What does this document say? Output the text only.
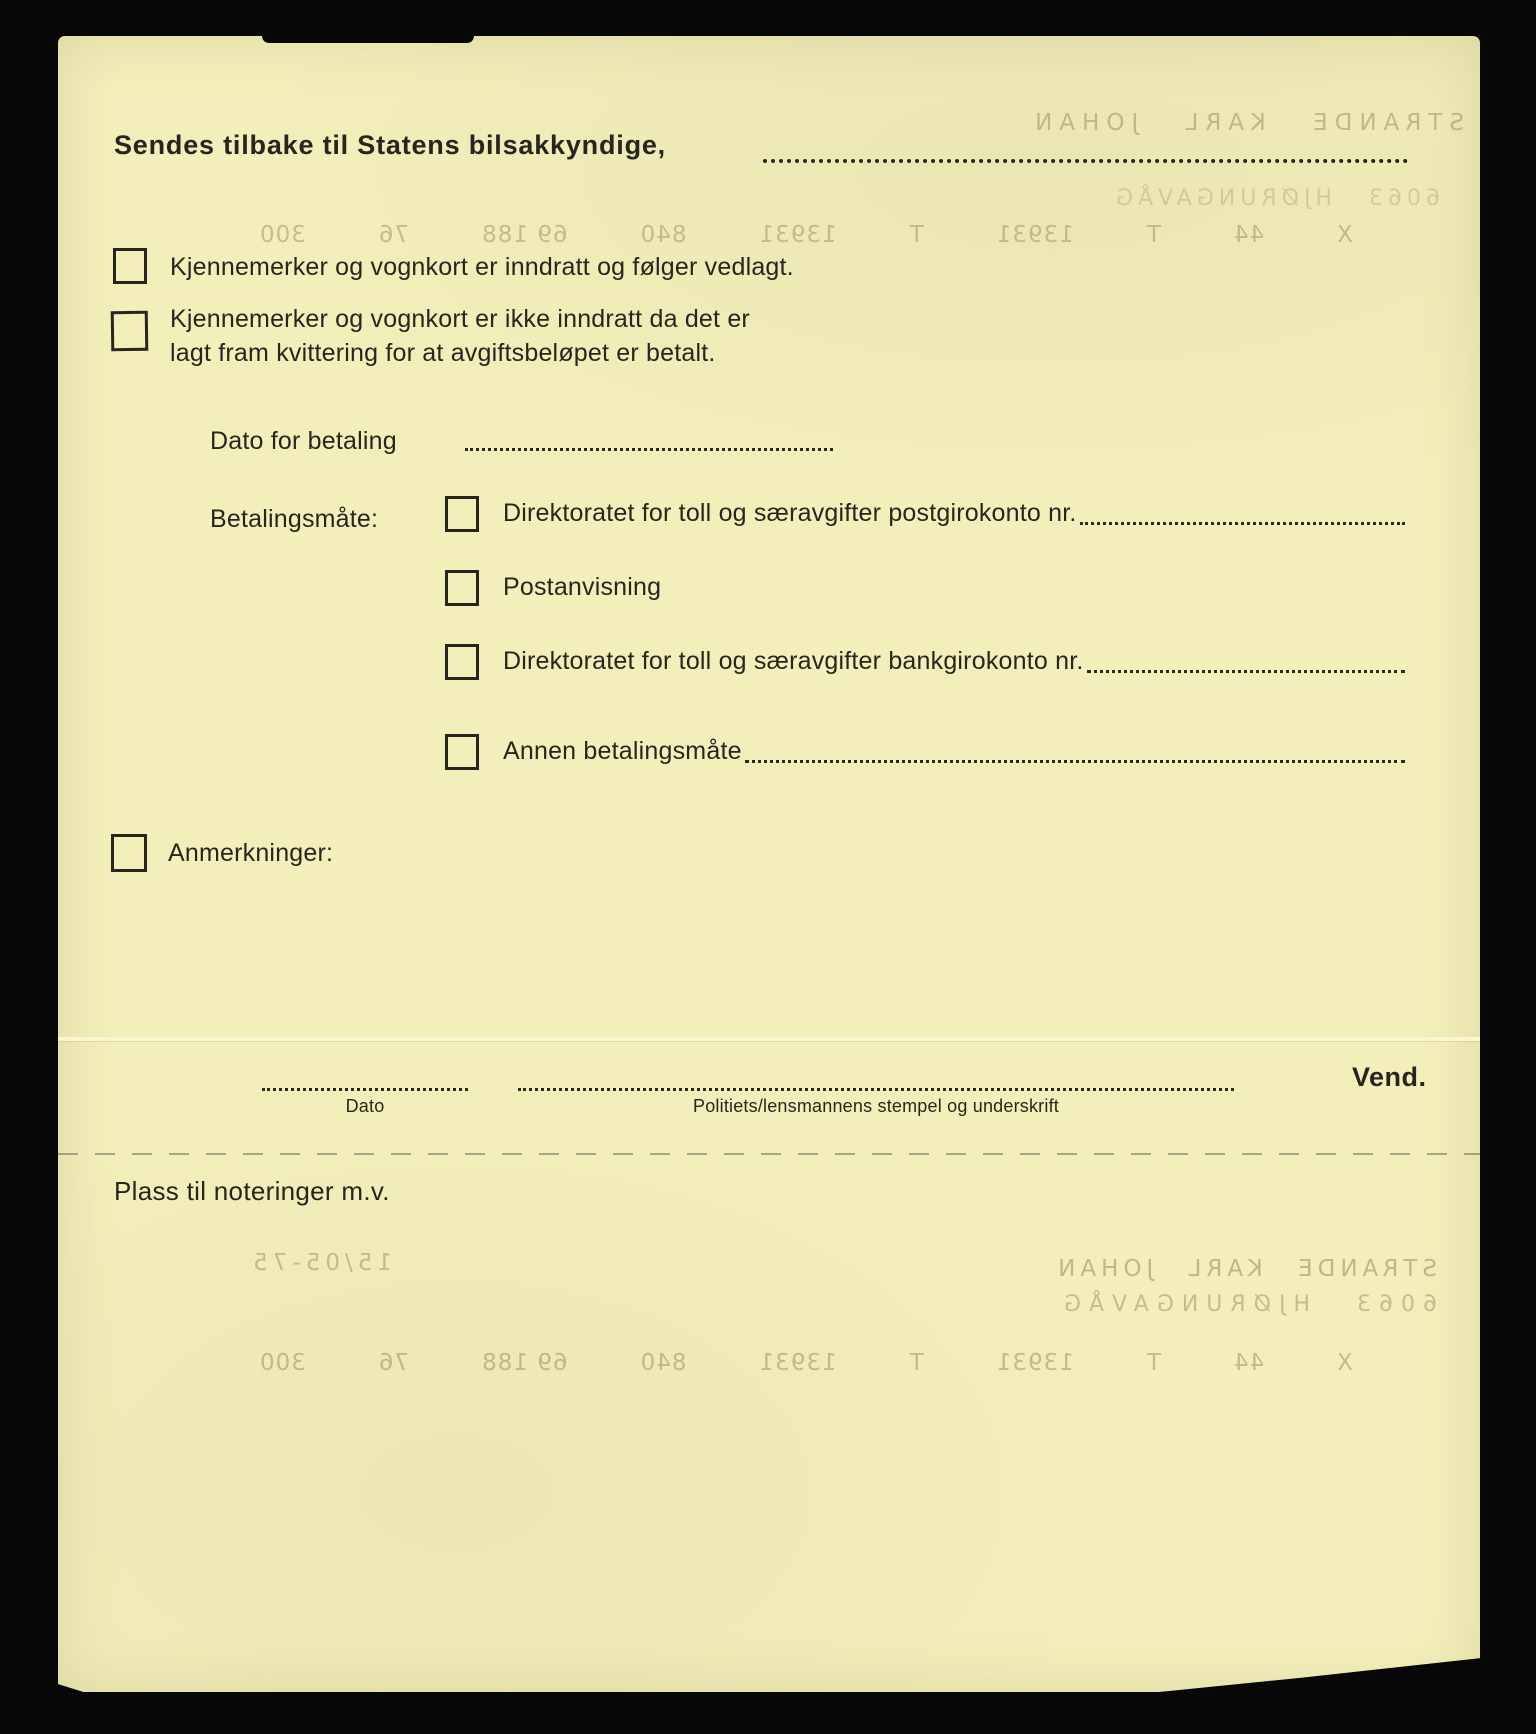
STRANDE KARL JOHAN
6063 HJØRUNGAVÅG
X   44   T   13931   T   13931   840   69 188   76   300
Sendes tilbake til Statens bilsakkyndige,
Kjennemerker og vognkort er inndratt og følger vedlagt.
Kjennemerker og vognkort er ikke inndratt da det er
lagt fram kvittering for at avgiftsbeløpet er betalt.
Dato for betaling
Betalingsmåte:	Direktoratet for toll og særavgifter postgirokonto nr.
Postanvisning
Direktoratet for toll og særavgifter bankgirokonto nr.
Annen betalingsmåte
Anmerkninger:
Dato	Politiets/lensmannens stempel og underskrift
Vend.
Plass til noteringer m.v.
15/05-75	STRANDE KARL JOHAN
6063 HJØRUNGAVÅG
X   44   T   13931   T   13931   840   69 188   76   300
